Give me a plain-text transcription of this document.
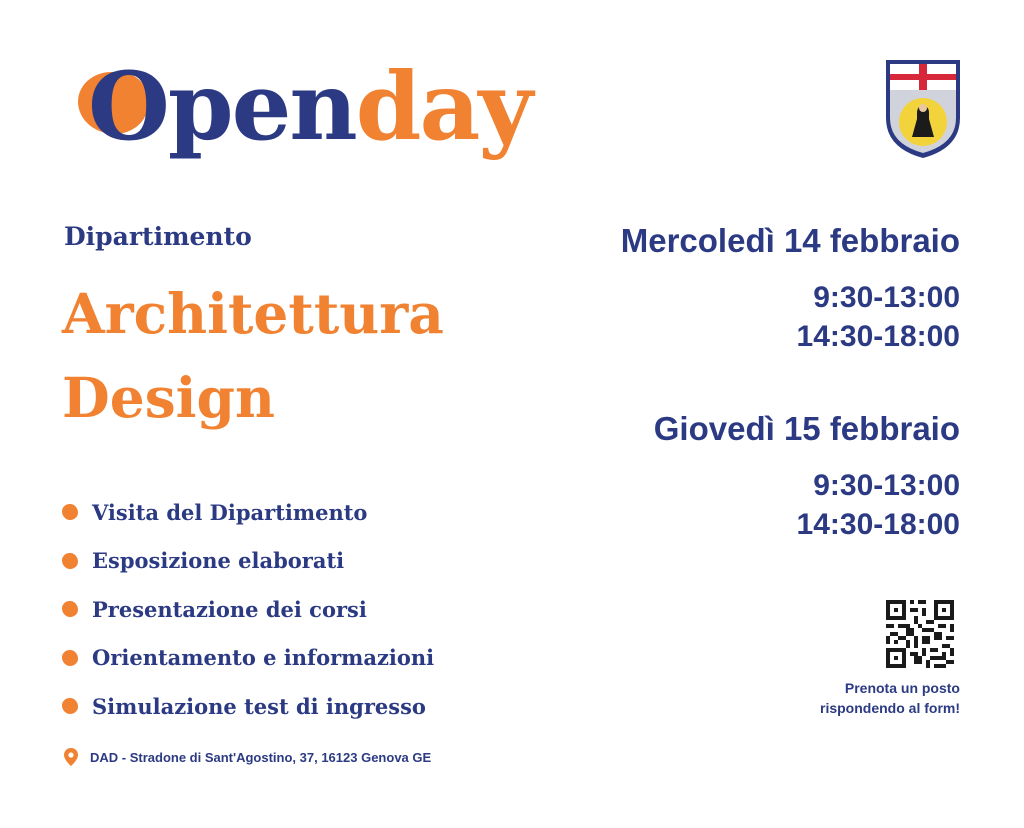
Openday
Dipartimento
Architettura
Design
Visita del Dipartimento
Esposizione elaborati
Presentazione dei corsi
Orientamento e informazioni
Simulazione test di ingresso
DAD - Stradone di Sant'Agostino, 37, 16123 Genova GE
Mercoledì 14 febbraio
9:30-13:00
14:30-18:00
Giovedì 15 febbraio
9:30-13:00
14:30-18:00
Prenota un posto
rispondendo al form!
